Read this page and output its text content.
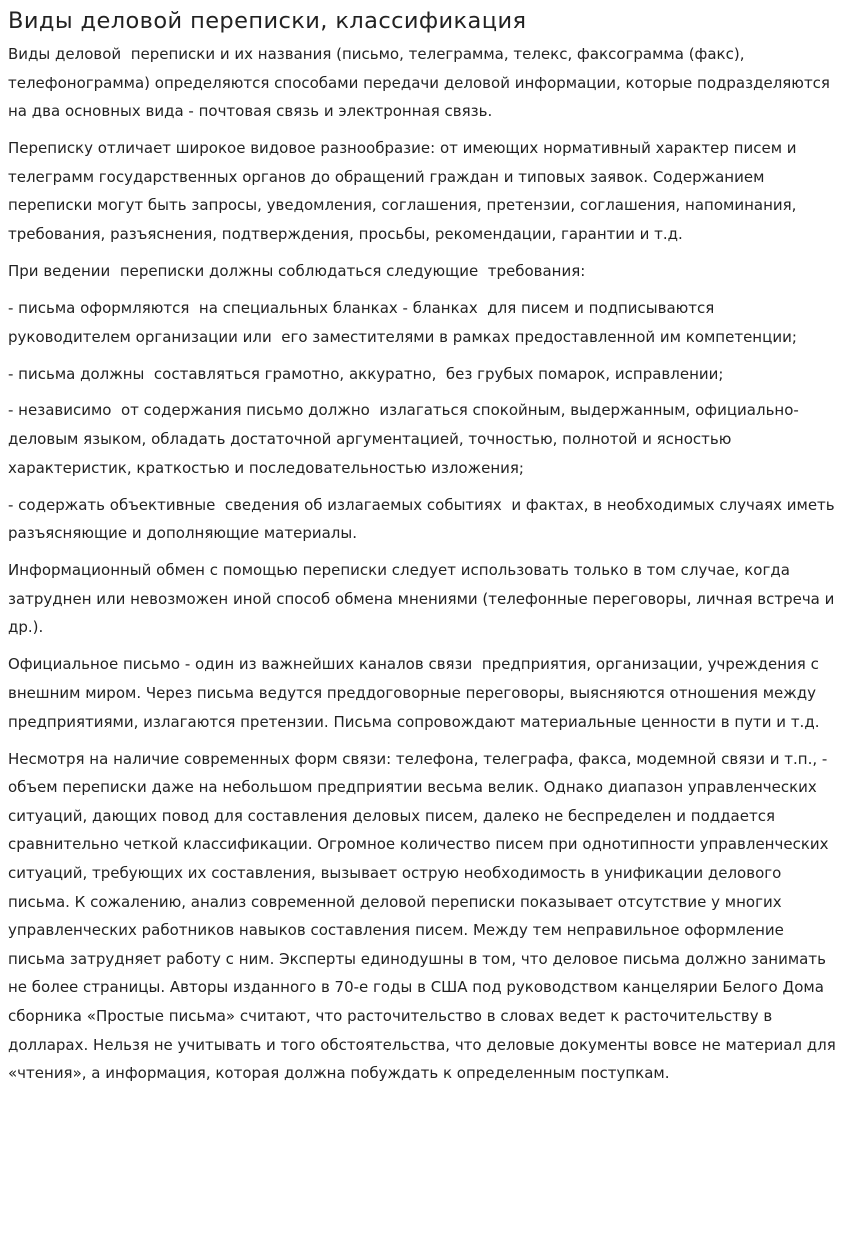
Виды деловой переписки, классификация

Виды деловой  переписки и их названия (письмо, телеграмма, телекс, факсограмма (факс), телефонограмма) определяются способами передачи деловой информации, которые подразделяются на два основных вида - почтовая связь и электронная связь.

Переписку отличает широкое видовое разнообразие: от имеющих нормативный характер писем и телеграмм государственных органов до обращений граждан и типовых заявок. Содержанием переписки могут быть запросы, уведомления, соглашения, претензии, соглашения, напоминания, требования, разъяснения, подтверждения, просьбы, рекомендации, гарантии и т.д.

При ведении  переписки должны соблюдаться следующие  требования:

- письма оформляются  на специальных бланках - бланках  для писем и подписываются руководителем организации или  его заместителями в рамках предоставленной им компетенции;

- письма должны  составляться грамотно, аккуратно,  без грубых помарок, исправлении;

- независимо  от содержания письмо должно  излагаться спокойным, выдержанным, официально-деловым языком, обладать достаточной аргументацией, точностью, полнотой и ясностью характеристик, краткостью и последовательностью изложения;

- содержать объективные  сведения об излагаемых событиях  и фактах, в необходимых случаях иметь разъясняющие и дополняющие материалы.

Информационный обмен с помощью переписки следует использовать только в том случае, когда затруднен или невозможен иной способ обмена мнениями (телефонные переговоры, личная встреча и др.).

Официальное письмо - один из важнейших каналов связи  предприятия, организации, учреждения с внешним миром. Через письма ведутся преддоговорные переговоры, выясняются отношения между предприятиями, излагаются претензии. Письма сопровождают материальные ценности в пути и т.д.

Несмотря на наличие современных форм связи: телефона, телеграфа, факса, модемной связи и т.п., - объем переписки даже на небольшом предприятии весьма велик. Однако диапазон управленческих ситуаций, дающих повод для составления деловых писем, далеко не беспределен и поддается сравнительно четкой классификации. Огромное количество писем при однотипности управленческих ситуаций, требующих их составления, вызывает острую необходимость в унификации делового письма. К сожалению, анализ современной деловой переписки показывает отсутствие у многих управленческих работников навыков составления писем. Между тем неправильное оформление письма затрудняет работу с ним. Эксперты единодушны в том, что деловое письма должно занимать не более страницы. Авторы изданного в 70-е годы в США под руководством канцелярии Белого Дома сборника «Простые письма» считают, что расточительство в словах ведет к расточительству в долларах. Нельзя не учитывать и того обстоятельства, что деловые документы вовсе не материал для «чтения», а информация, которая должна побуждать к определенным поступкам.
